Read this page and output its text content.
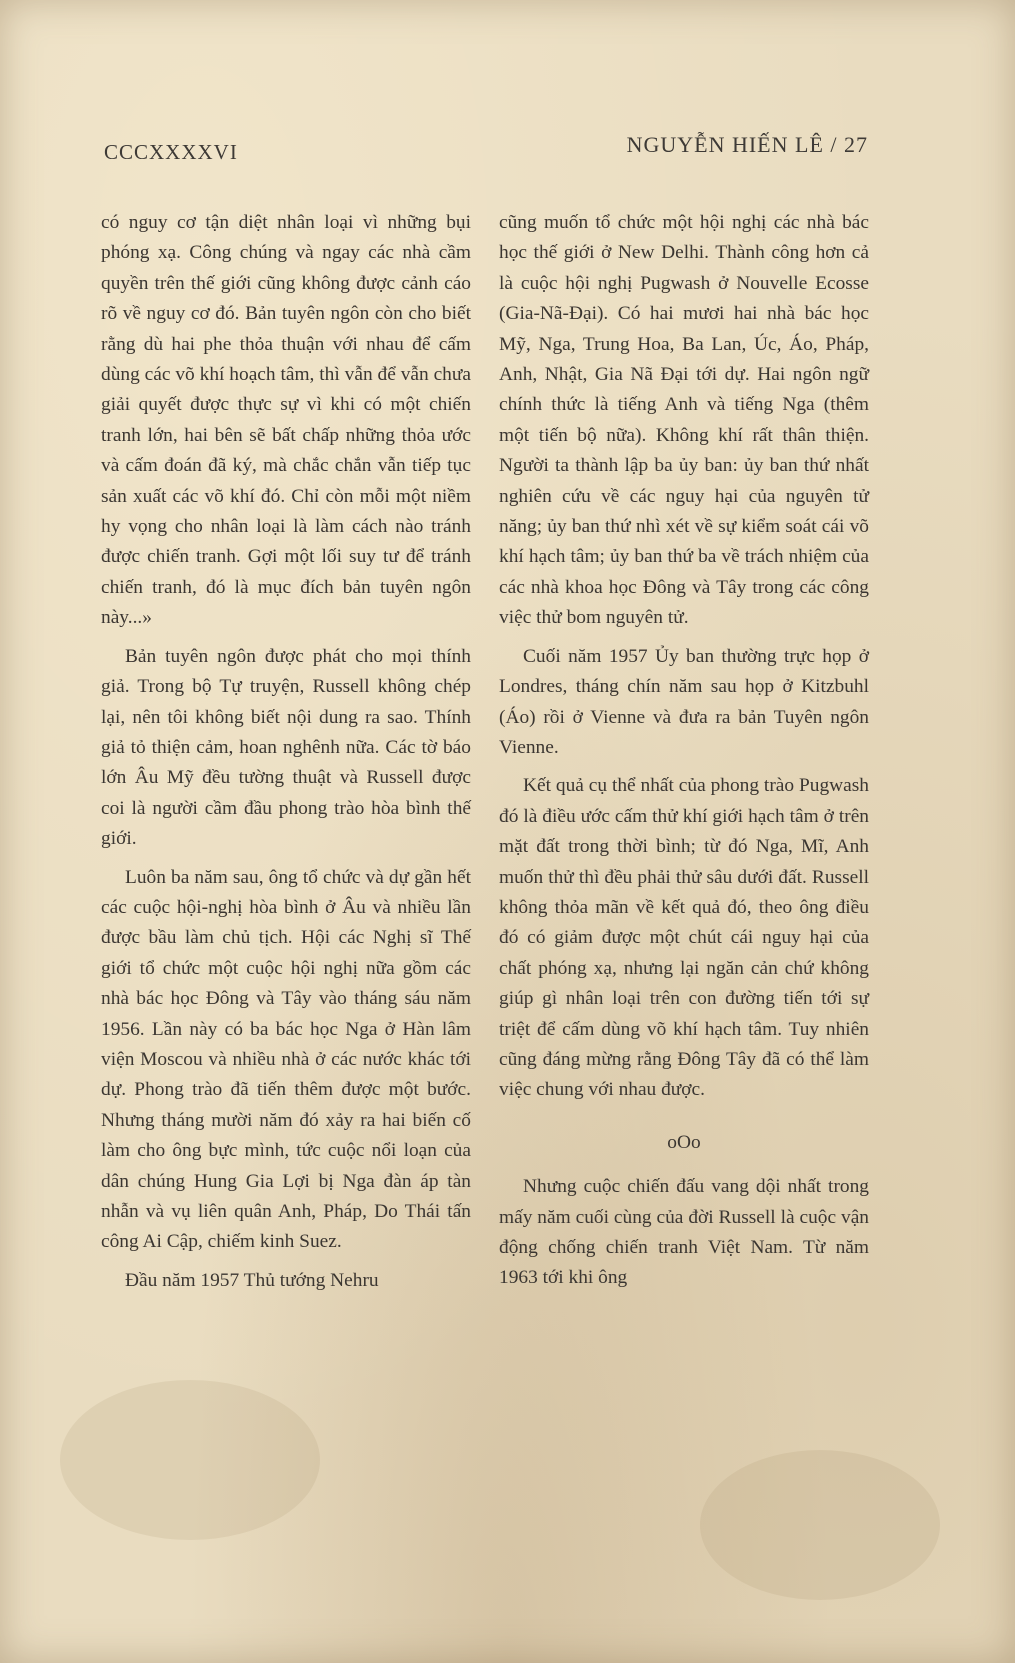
CCCXXXXVI	NGUYỄN HIẾN LÊ / 27

có nguy cơ tận diệt nhân loại vì những bụi phóng xạ. Công chúng và ngay các nhà cầm quyền trên thế giới cũng không được cảnh cáo rõ về nguy cơ đó. Bản tuyên ngôn còn cho biết rằng dù hai phe thỏa thuận với nhau để cấm dùng các võ khí hoạch tâm, thì vẫn để vẫn chưa giải quyết được thực sự vì khi có một chiến tranh lớn, hai bên sẽ bất chấp những thỏa ước và cấm đoán đã ký, mà chắc chắn vẫn tiếp tục sản xuất các võ khí đó. Chỉ còn mỗi một niềm hy vọng cho nhân loại là làm cách nào tránh được chiến tranh. Gợi một lối suy tư để tránh chiến tranh, đó là mục đích bản tuyên ngôn này...»

Bản tuyên ngôn được phát cho mọi thính giả. Trong bộ Tự truyện, Russell không chép lại, nên tôi không biết nội dung ra sao. Thính giả tỏ thiện cảm, hoan nghênh nữa. Các tờ báo lớn Âu Mỹ đều tường thuật và Russell được coi là người cầm đầu phong trào hòa bình thế giới.

Luôn ba năm sau, ông tổ chức và dự gần hết các cuộc hội-nghị hòa bình ở Âu và nhiều lần được bầu làm chủ tịch. Hội các Nghị sĩ Thế giới tổ chức một cuộc hội nghị nữa gồm các nhà bác học Đông và Tây vào tháng sáu năm 1956. Lần này có ba bác học Nga ở Hàn lâm viện Moscou và nhiều nhà ở các nước khác tới dự. Phong trào đã tiến thêm được một bước. Nhưng tháng mười năm đó xảy ra hai biến cố làm cho ông bực mình, tức cuộc nổi loạn của dân chúng Hung Gia Lợi bị Nga đàn áp tàn nhẫn và vụ liên quân Anh, Pháp, Do Thái tấn công Ai Cập, chiếm kinh Suez.

Đầu năm 1957 Thủ tướng Nehru

cũng muốn tổ chức một hội nghị các nhà bác học thế giới ở New Delhi. Thành công hơn cả là cuộc hội nghị Pugwash ở Nouvelle Ecosse (Gia-Nã-Đại). Có hai mươi hai nhà bác học Mỹ, Nga, Trung Hoa, Ba Lan, Úc, Áo, Pháp, Anh, Nhật, Gia Nã Đại tới dự. Hai ngôn ngữ chính thức là tiếng Anh và tiếng Nga (thêm một tiến bộ nữa). Không khí rất thân thiện. Người ta thành lập ba ủy ban: ủy ban thứ nhất nghiên cứu về các nguy hại của nguyên tử năng; ủy ban thứ nhì xét về sự kiểm soát cái võ khí hạch tâm; ủy ban thứ ba về trách nhiệm của các nhà khoa học Đông và Tây trong các công việc thử bom nguyên tử.

Cuối năm 1957 Ủy ban thường trực họp ở Londres, tháng chín năm sau họp ở Kitzbuhl (Áo) rồi ở Vienne và đưa ra bản Tuyên ngôn Vienne.

Kết quả cụ thể nhất của phong trào Pugwash đó là điều ước cấm thử khí giới hạch tâm ở trên mặt đất trong thời bình; từ đó Nga, Mĩ, Anh muốn thử thì đều phải thử sâu dưới đất. Russell không thỏa mãn về kết quả đó, theo ông điều đó có giảm được một chút cái nguy hại của chất phóng xạ, nhưng lại ngăn cản chứ không giúp gì nhân loại trên con đường tiến tới sự triệt để cấm dùng võ khí hạch tâm. Tuy nhiên cũng đáng mừng rằng Đông Tây đã có thể làm việc chung với nhau được.

oOo

Nhưng cuộc chiến đấu vang dội nhất trong mấy năm cuối cùng của đời Russell là cuộc vận động chống chiến tranh Việt Nam. Từ năm 1963 tới khi ông
